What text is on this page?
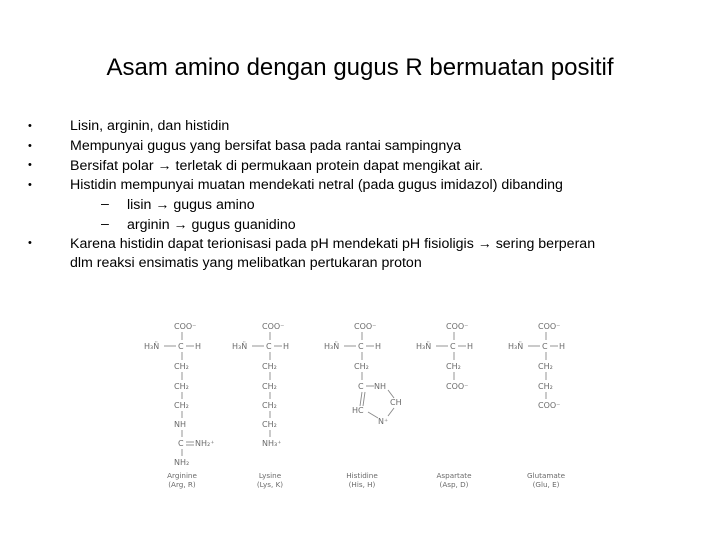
Asam amino dengan gugus R bermuatan positif
•	Lisin, arginin, dan histidin
•	Mempunyai gugus yang bersifat basa pada rantai sampingnya
•	Bersifat polar → terletak di permukaan protein dapat mengikat air.
•	Histidin mempunyai muatan mendekati netral (pada gugus imidazol) dibanding
– lisin → gugus amino
– arginin → gugus guanidino
•	Karena histidin dapat terionisasi pada pH mendekati pH fisioligis → sering berperan
dlm reaksi ensimatis yang melibatkan pertukaran proton
COO⁻
H₃N̈ C H
CH₂
CH₂
CH₂
NH
C NH₂⁺
NH₂
Arginine
(Arg, R)
COO⁻
H₃N̈ C H
CH₂
CH₂
CH₂
CH₂
NH₃⁺
Lysine
(Lys, K)
COO⁻
H₃N̈ C H
CH₂
C NH
CH
N⁺
HC
Histidine
(His, H)
COO⁻
H₃N̈ C H
CH₂
COO⁻
Aspartate
(Asp, D)
COO⁻
H₃N̈ C H
CH₂
CH₂
COO⁻
Glutamate
(Glu, E)
